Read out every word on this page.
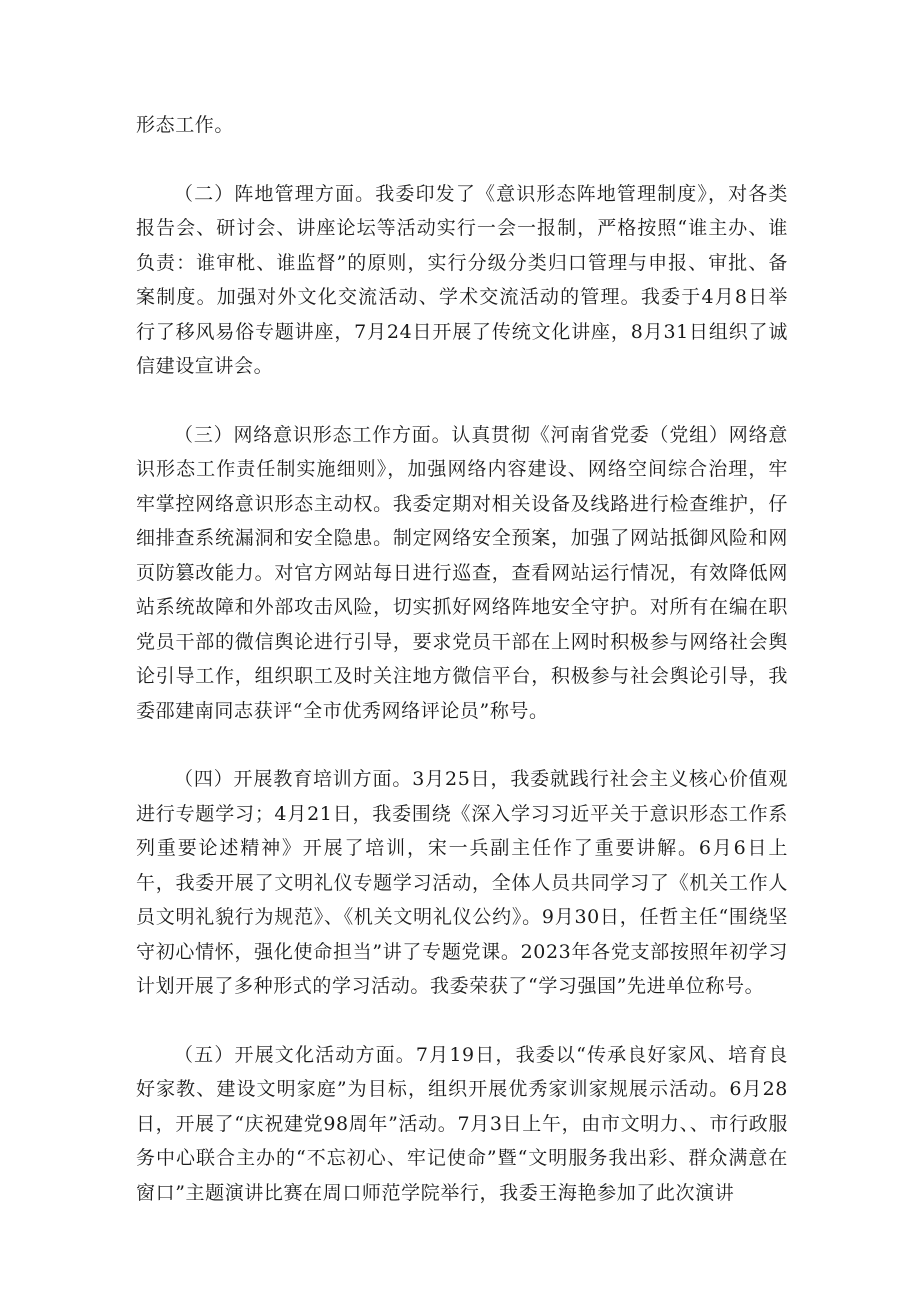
形态工作。

（二）阵地管理方面。我委印发了《意识形态阵地管理制度》，对各类报告会、研讨会、讲座论坛等活动实行一会一报制，严格按照“谁主办、谁负责：谁审枇、谁监督”的原则，实行分级分类归口管理与申报、审批、备案制度。加强对外文化交流活动、学术交流活动的管理。我委于4月8日举行了移风易俗专题讲座，7月24日开展了传统文化讲座，8月31日组织了诚信建设宣讲会。

（三）网络意识形态工作方面。认真贯彻《河南省党委（党组）网络意识形态工作责任制实施细则》，加强网络内容建设、网络空间综合治理，牢牢掌控网络意识形态主动权。我委定期对相关设备及线路进行检查维护，仔细排查系统漏洞和安全隐患。制定网络安全预案，加强了网站抵御风险和网页防篡改能力。对官方网站每日进行巡查，查看网站运行情况，有效降低网站系统故障和外部攻击风险，切实抓好网络阵地安全守护。对所有在编在职党员干部的微信舆论进行引导，要求党员干部在上网时积极参与网络社会舆论引导工作，组织职工及时关注地方微信平台，积极参与社会舆论引导，我委邵建南同志获评“全市优秀网络评论员”称号。

（四）开展教育培训方面。3月25日，我委就践行社会主义核心价值观进行专题学习；4月21日，我委围绕《深入学习习近平关于意识形态工作系列重要论述精神》开展了培训，宋一兵副主任作了重要讲解。6月6日上午，我委开展了文明礼仪专题学习活动，全体人员共同学习了《机关工作人员文明礼貌行为规范》、《机关文明礼仪公约》。9月30日，任哲主任“围绕坚守初心情怀，强化使命担当”讲了专题党课。2023年各党支部按照年初学习计划开展了多种形式的学习活动。我委荣获了“学习强国”先进单位称号。

（五）开展文化活动方面。7月19日，我委以“传承良好家风、培育良好家教、建设文明家庭”为目标，组织开展优秀家训家规展示活动。6月28日，开展了“庆祝建党98周年”活动。7月3日上午，由市文明力、、市行政服务中心联合主办的“不忘初心、牢记使命”暨“文明服务我出彩、群众满意在窗口”主题演讲比赛在周口师范学院举行，我委王海艳参加了此次演讲
